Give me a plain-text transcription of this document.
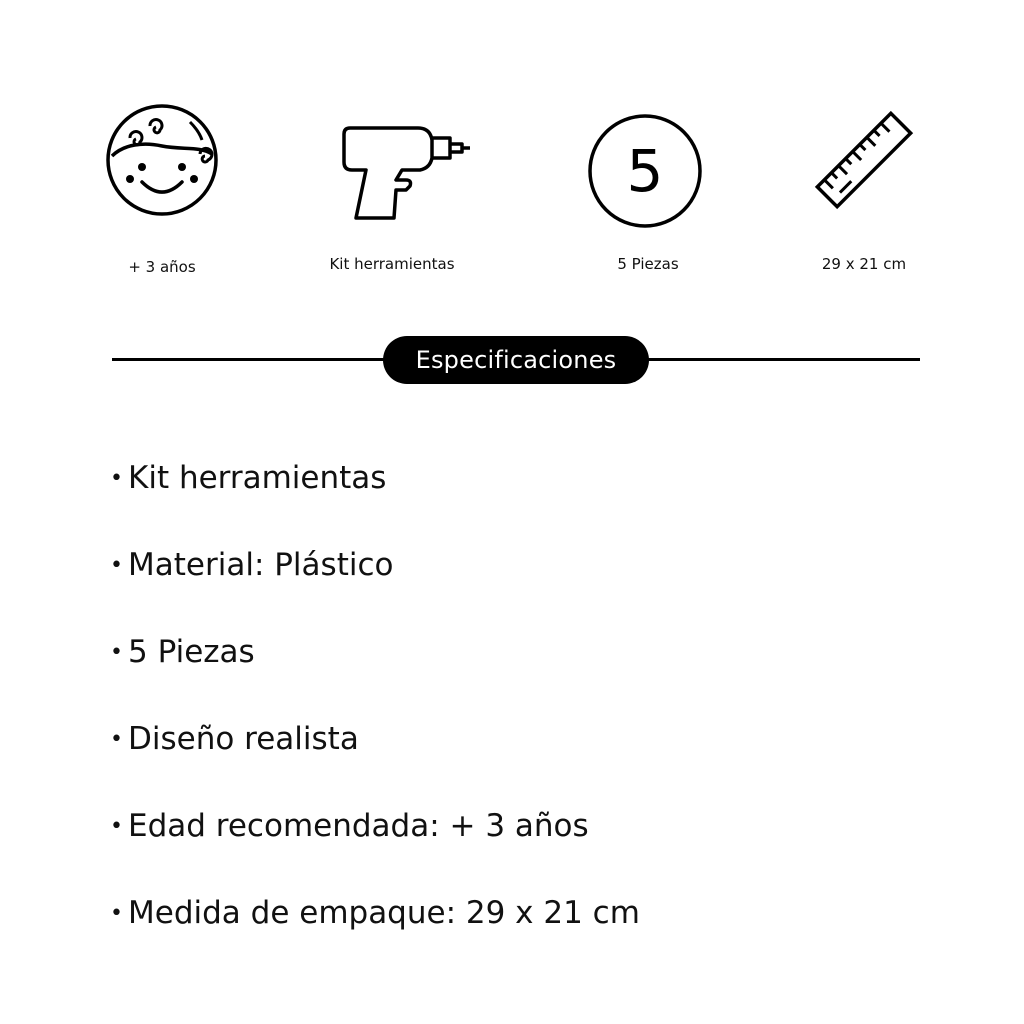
+ 3 años	Kit herramientas
5
5 Piezas	29 x 21 cm
Especificaciones
• Kit herramientas
• Material: Plástico
• 5 Piezas
• Diseño realista
• Edad recomendada: + 3 años
• Medida de empaque: 29 x 21 cm
